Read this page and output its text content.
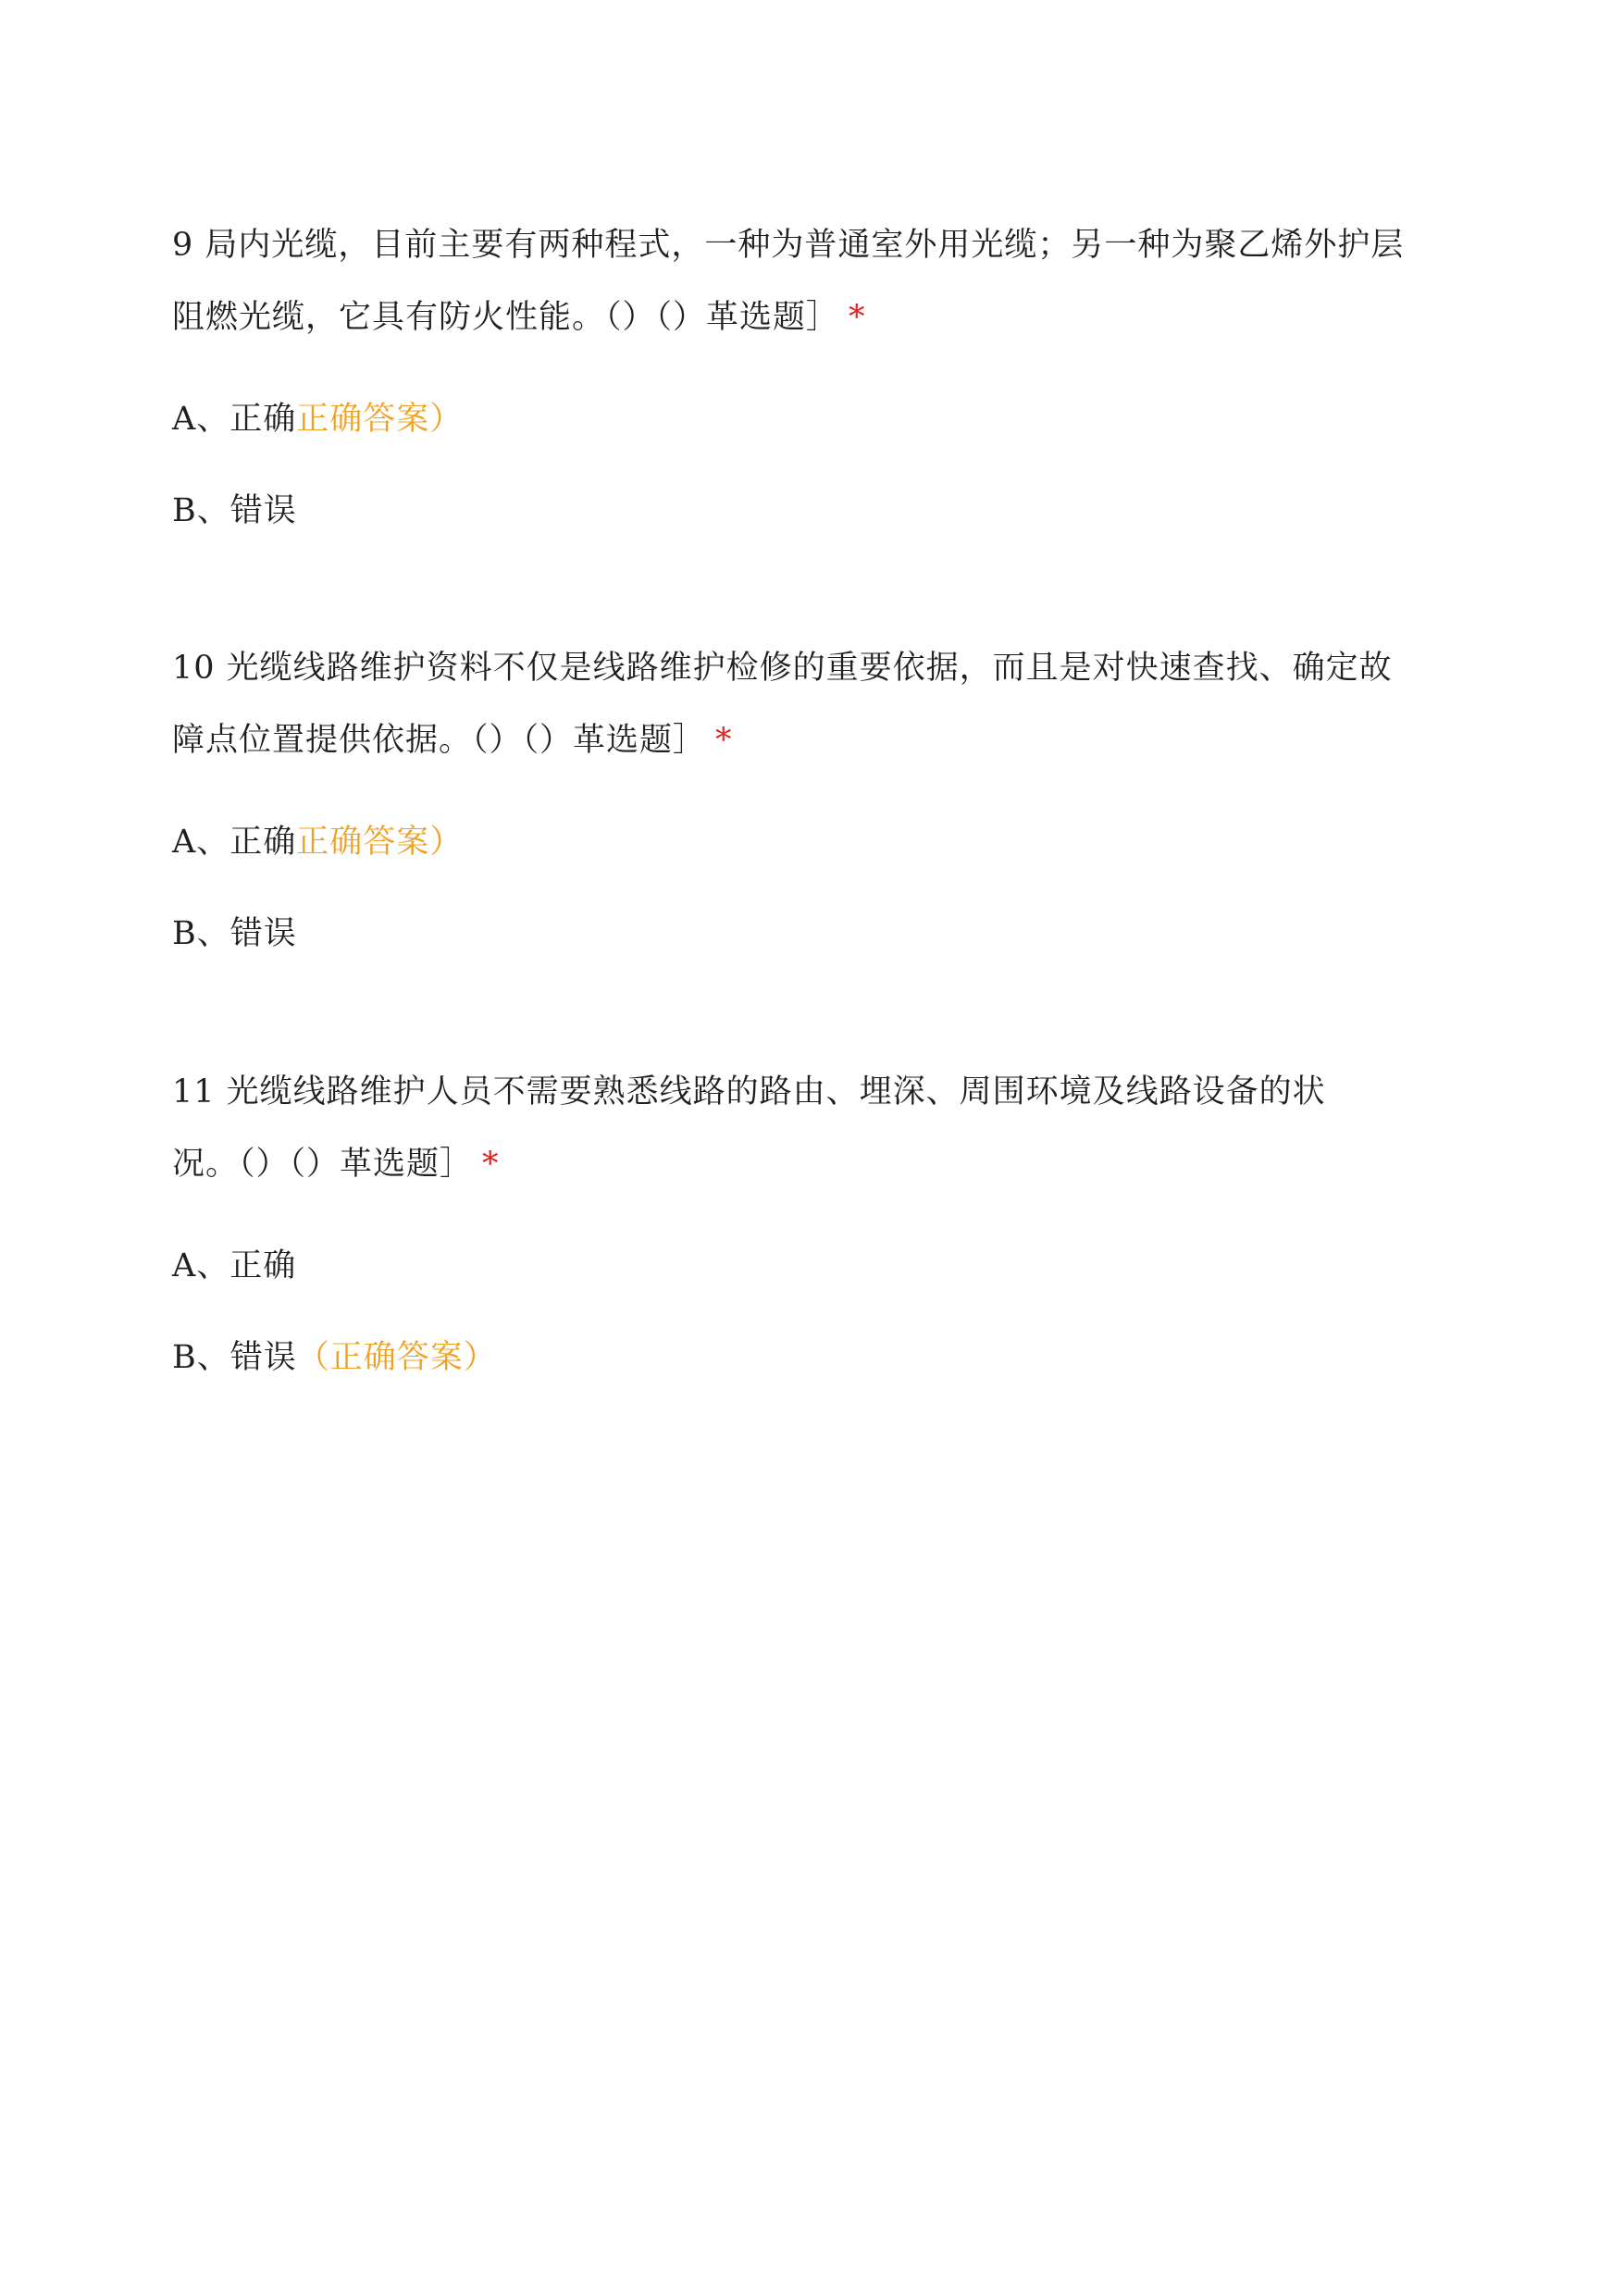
9 局内光缆，目前主要有两种程式，一种为普通室外用光缆；另一种为聚乙烯外护层
阻燃光缆，它具有防火性能。（）（）革选题］ *

A、正确正确答案）

B、错误

10 光缆线路维护资料不仅是线路维护检修的重要依据，而且是对快速查找、确定故
障点位置提供依据。（）（）革选题］ *

A、正确正确答案）

B、错误

11 光缆线路维护人员不需要熟悉线路的路由、埋深、周围环境及线路设备的状
况。（）（）革选题］ *

A、正确

B、错误（正确答案）
